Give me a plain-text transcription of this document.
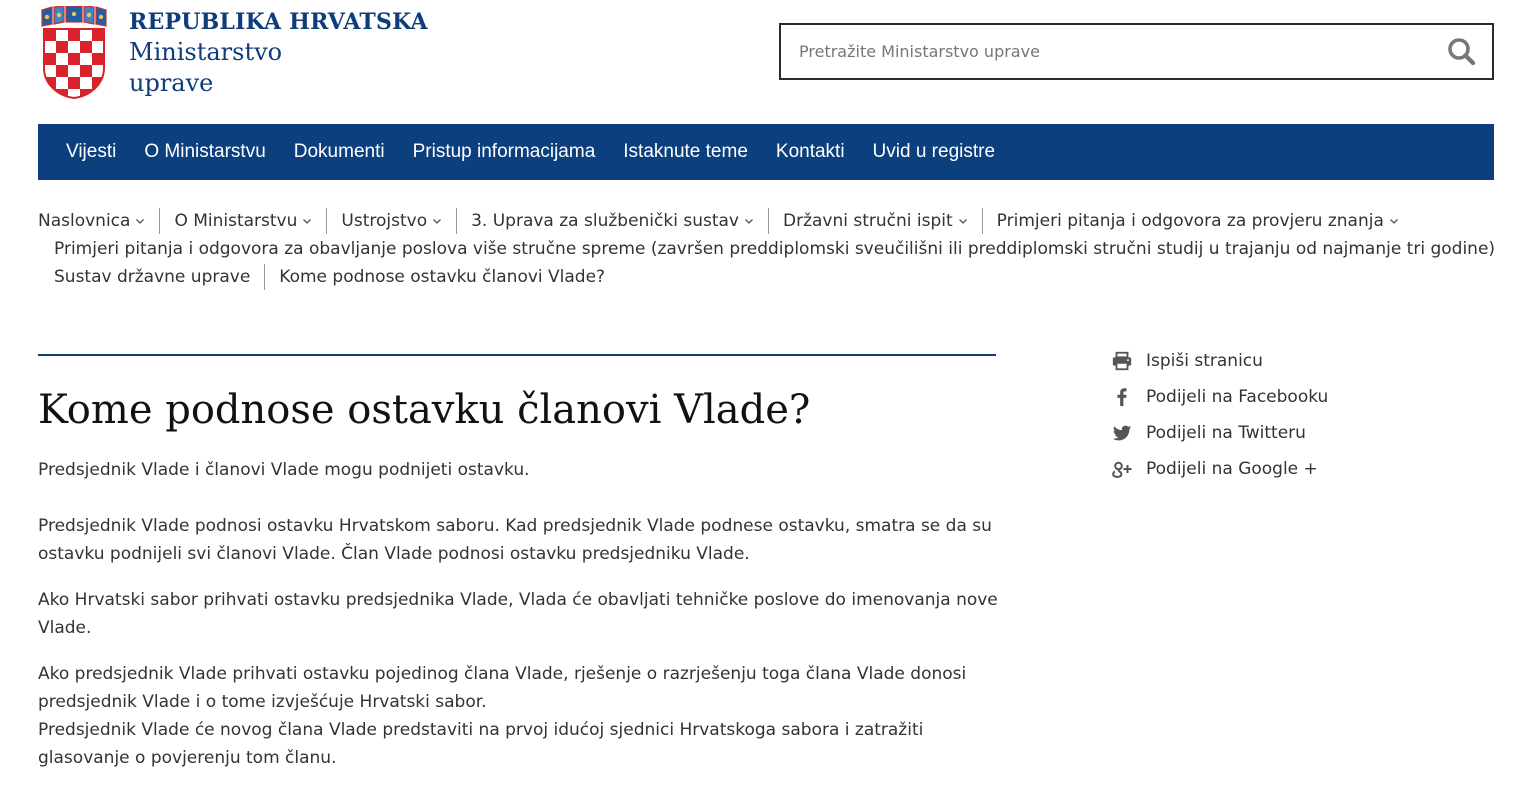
REPUBLIKA HRVATSKA
Ministarstvo
uprave
Pretražite Ministarstvo uprave
Vijesti	O Ministarstvu	Dokumenti	Pristup informacijama	Istaknute teme	Kontakti	Uvid u registre
Naslovnica	O Ministarstvu	Ustrojstvo	3. Uprava za službenički sustav	Državni stručni ispit	Primjeri pitanja i odgovora za provjeru znanja
Primjeri pitanja i odgovora za obavljanje poslova više stručne spreme (završen preddiplomski sveučilišni ili preddiplomski stručni studij u trajanju od najmanje tri godine)
Sustav državne uprave Kome podnose ostavku članovi Vlade?
Kome podnose ostavku članovi Vlade?

Predsjednik Vlade i članovi Vlade mogu podnijeti ostavku.

Predsjednik Vlade podnosi ostavku Hrvatskom saboru. Kad predsjednik Vlade podnese ostavku, smatra se da su ostavku podnijeli svi članovi Vlade. Član Vlade podnosi ostavku predsjedniku Vlade.

Ako Hrvatski sabor prihvati ostavku predsjednika Vlade, Vlada će obavljati tehničke poslove do imenovanja nove Vlade.

Ako predsjednik Vlade prihvati ostavku pojedinog člana Vlade, rješenje o razrješenju toga člana Vlade donosi predsjednik Vlade i o tome izvješćuje Hrvatski sabor.

Predsjednik Vlade će novog člana Vlade predstaviti na prvoj idućoj sjednici Hrvatskoga sabora i zatražiti glasovanje o povjerenju tom članu.

Ispiši stranicu
Podijeli na Facebooku
Podijeli na Twitteru
Podijeli na Google +
